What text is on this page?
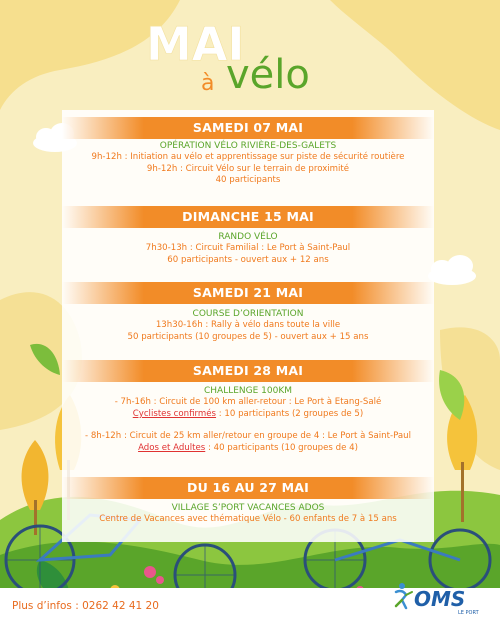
MAI
à vélo
SAMEDI 07 MAI
OPÉRATION VÉLO RIVIÈRE-DES-GALETS
9h-12h : Initiation au vélo et apprentissage sur piste de sécurité routière
9h-12h : Circuit Vélo sur le terrain de proximité
40 participants
DIMANCHE 15 MAI
RANDO VÉLO
7h30-13h : Circuit Familial : Le Port à Saint-Paul
60 participants - ouvert aux + 12 ans
SAMEDI 21 MAI
COURSE D’ORIENTATION
13h30-16h : Rally à vélo dans toute la ville
50 participants (10 groupes de 5) - ouvert aux + 15 ans
SAMEDI 28 MAI
CHALLENGE 100KM
- 7h-16h : Circuit de 100 km aller-retour : Le Port à Etang-Salé
Cyclistes confirmés : 10 participants (2 groupes de 5)
- 8h-12h : Circuit de 25 km aller/retour en groupe de 4 : Le Port à Saint-Paul
Ados et Adultes : 40 participants (10 groupes de 4)
DU 16 AU 27 MAI
VILLAGE S’PORT VACANCES ADOS
Centre de Vacances avec thématique Vélo - 60 enfants de 7 à 15 ans
Plus d’infos : 0262 42 41 20	OMS
LE PORT
